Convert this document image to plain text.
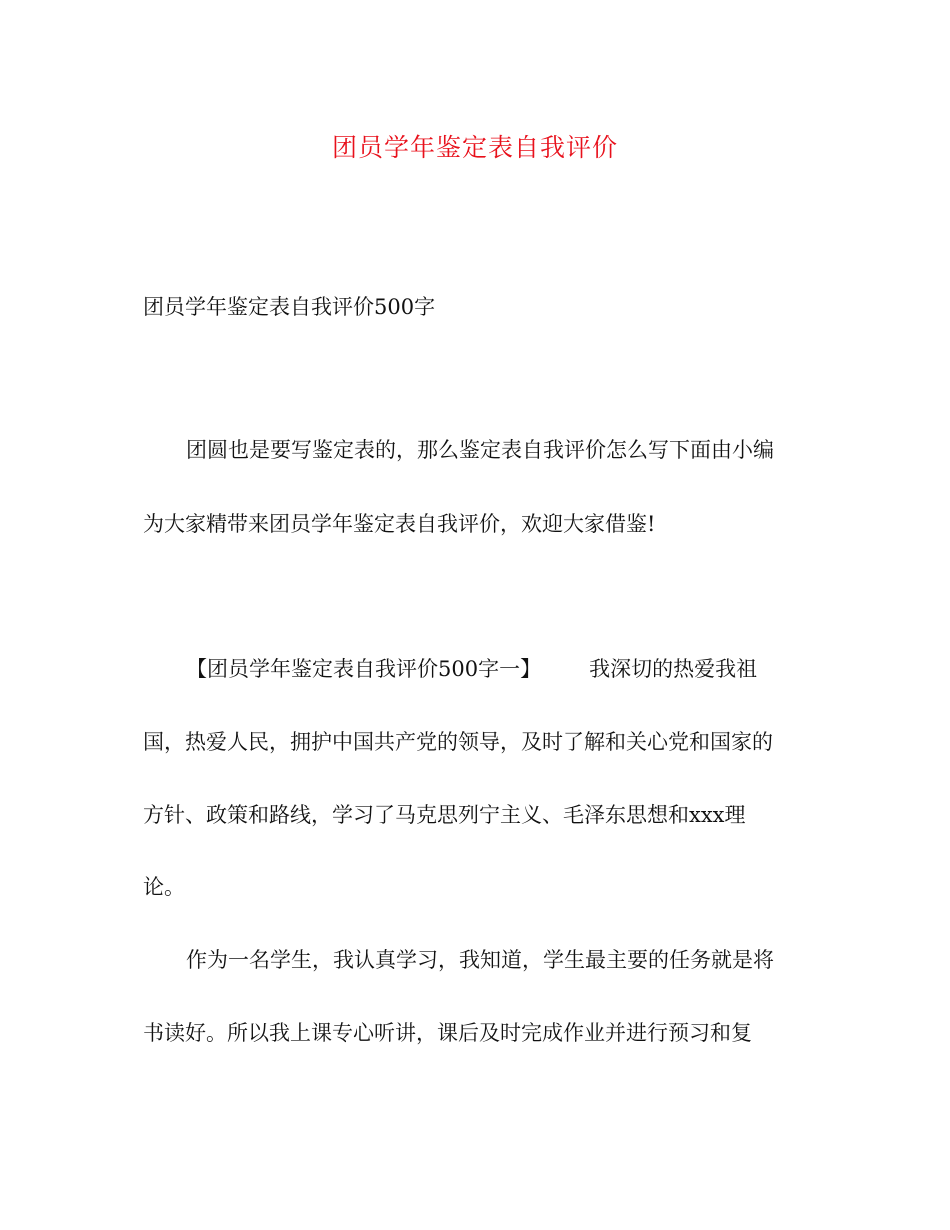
团员学年鉴定表自我评价
团员学年鉴定表自我评价500字
团圆也是要写鉴定表的，那么鉴定表自我评价怎么写下面由小编
为大家精带来团员学年鉴定表自我评价，欢迎大家借鉴!
【团员学年鉴定表自我评价500字一】 我深切的热爱我祖
国，热爱人民，拥护中国共产党的领导，及时了解和关心党和国家的
方针、政策和路线，学习了马克思列宁主义、毛泽东思想和xxx理
论。
作为一名学生，我认真学习，我知道，学生最主要的任务就是将
书读好。所以我上课专心听讲，课后及时完成作业并进行预习和复
